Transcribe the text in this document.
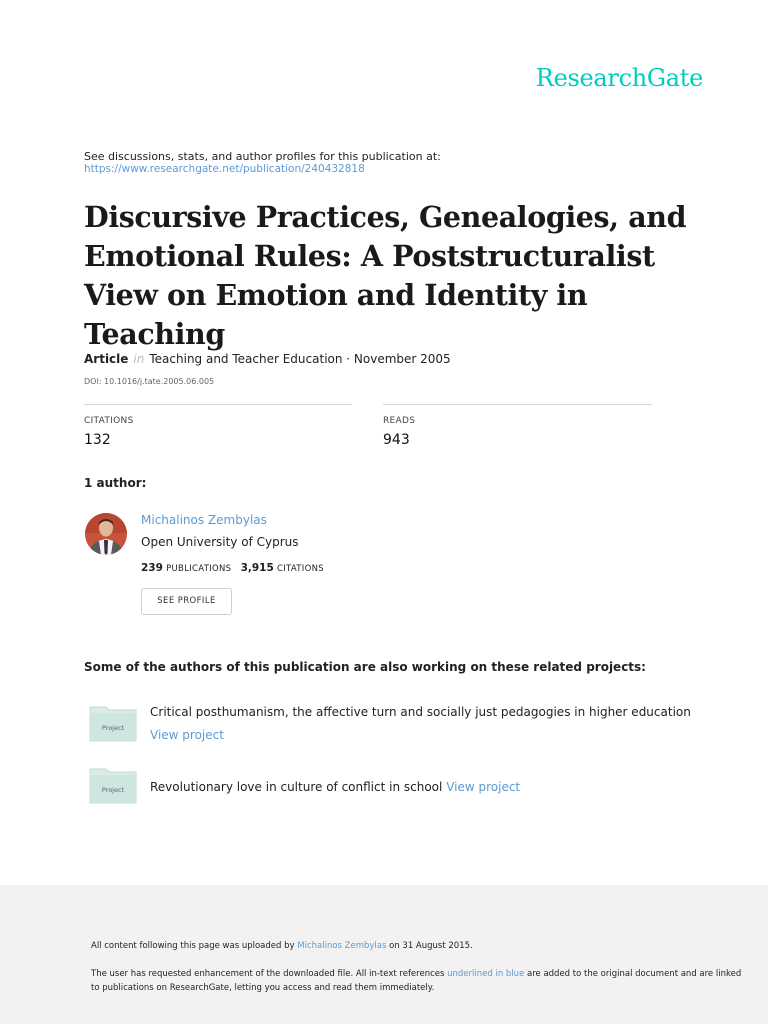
ResearchGate
See discussions, stats, and author profiles for this publication at:
https://www.researchgate.net/publication/240432818
Discursive Practices, Genealogies, and Emotional Rules: A Poststructuralist View on Emotion and Identity in Teaching
Article in Teaching and Teacher Education · November 2005
DOI: 10.1016/j.tate.2005.06.005
CITATIONS
132
READS
943
1 author:
Michalinos Zembylas
Open University of Cyprus
239 PUBLICATIONS 3,915 CITATIONS
SEE PROFILE
Some of the authors of this publication are also working on these related projects:
Project
Critical posthumanism, the affective turn and socially just pedagogies in higher education
View project
Project Revolutionary love in culture of conflict in school View project
All content following this page was uploaded by Michalinos Zembylas on 31 August 2015.
The user has requested enhancement of the downloaded file. All in-text references underlined in blue are added to the original document and are linked to publications on ResearchGate, letting you access and read them immediately.
